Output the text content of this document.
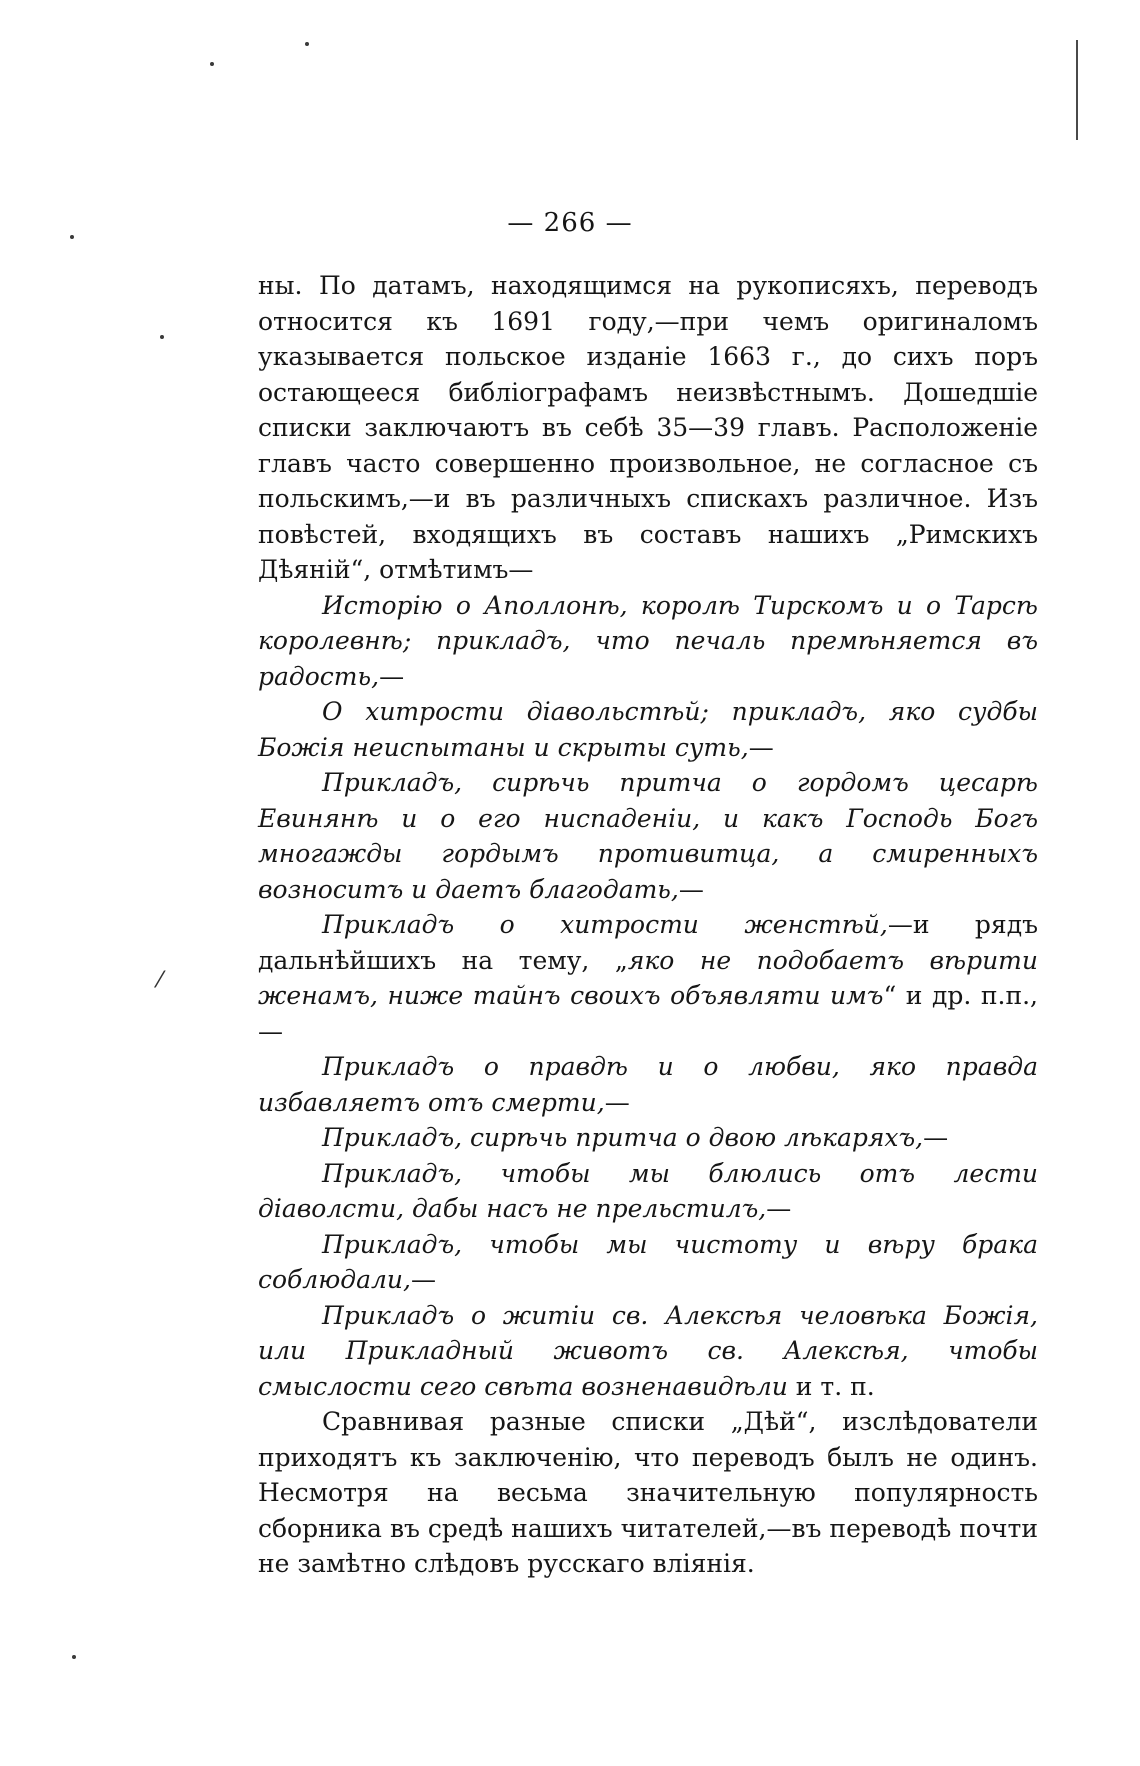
⁄
— 266 —

ны. По датамъ, находящимся на рукописяхъ, переводъ относится къ 1691 году,—при чемъ оригиналомъ указывается польское изданіе 1663 г., до сихъ поръ остающееся библіографамъ неизвѣстнымъ. Дошедшіе списки заключаютъ въ себѣ 35—39 главъ. Расположеніе главъ часто совершенно произвольное, не согласное съ польскимъ,—и въ различныхъ спискахъ различное. Изъ повѣстей, входящихъ въ составъ нашихъ „Римскихъ Дѣяній“, отмѣтимъ—

Исторію о Аполлонѣ, королѣ Тирскомъ и о Тарсѣ королевнѣ; прикладъ, что печаль премѣняется въ радость,—

О хитрости діавольстѣй; прикладъ, яко судбы Божія неиспытаны и скрыты суть,—

Прикладъ, сирѣчь притча о гордомъ цесарѣ Евинянѣ и о его ниспаденіи, и какъ Господь Богъ многажды гордымъ противитца, а смиренныхъ возноситъ и даетъ благодать,—

Прикладъ о хитрости женстѣй,—и рядъ дальнѣйшихъ на тему, „яко не подобаетъ вѣрити женамъ, ниже тайнъ своихъ объявляти имъ“ и др. п.п.,—

Прикладъ о правдѣ и о любви, яко правда избавляетъ отъ смерти,—

Прикладъ, сирѣчь притча о двою лѣкаряхъ,—

Прикладъ, чтобы мы блюлись отъ лести діаволсти, дабы насъ не прельстилъ,—

Прикладъ, чтобы мы чистоту и вѣру брака соблюдали,—

Прикладъ о житіи св. Алексѣя человѣка Божія, или Прикладный животъ св. Алексѣя, чтобы смыслости сего свѣта возненавидѣли и т. п.

Сравнивая разные списки „Дѣй“, изслѣдователи приходятъ къ заключенію, что переводъ былъ не одинъ. Несмотря на весьма значительную популярность сборника въ средѣ нашихъ читателей,—въ переводѣ почти не замѣтно слѣдовъ русскаго вліянія.
